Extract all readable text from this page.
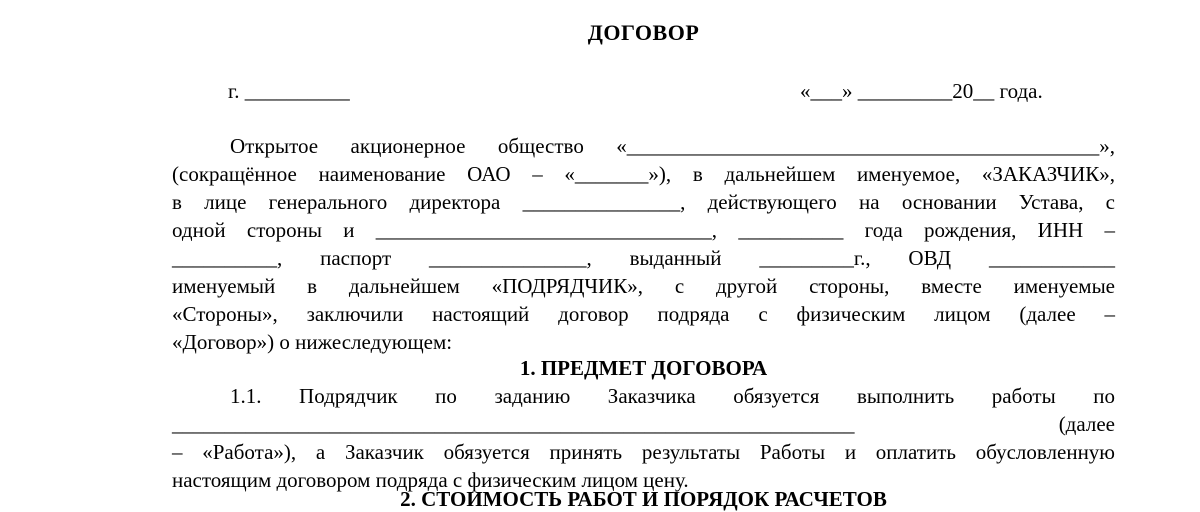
ДОГОВОР
г. __________	«___» _________20__ года.
Открытое акционерное общество «_____________________________________________»,
(сокращённое наименование ОАО – «_______»), в дальнейшем именуемое, «ЗАКАЗЧИК»,
в лице генерального директора _______________, действующего на основании Устава, с
одной стороны и ________________________________, __________ года рождения, ИНН –
__________, паспорт _______________, выданный _________г., ОВД ____________
именуемый в дальнейшем «ПОДРЯДЧИК», с другой стороны, вместе именуемые
«Стороны», заключили настоящий договор подряда с физическим лицом (далее –
«Договор») о нижеследующем:
1. ПРЕДМЕТ ДОГОВОРА
1.1. Подрядчик по заданию Заказчика обязуется выполнить работы по
_________________________________________________________________ (далее
– «Работа»), а Заказчик обязуется принять результаты Работы и оплатить обусловленную
настоящим договором подряда с физическим лицом цену.
2. СТОИМОСТЬ РАБОТ И ПОРЯДОК РАСЧЕТОВ
